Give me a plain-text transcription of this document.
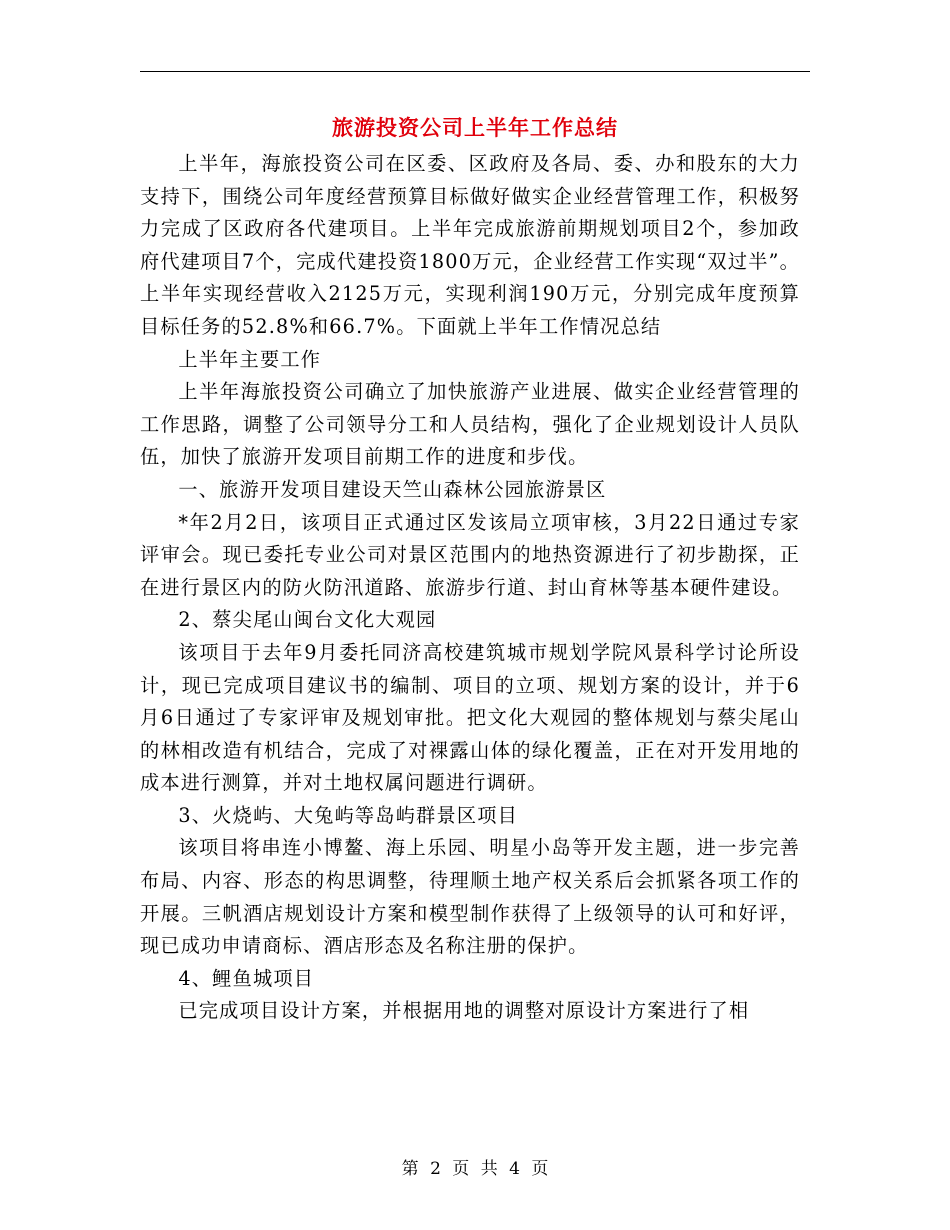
旅游投资公司上半年工作总结

上半年，海旅投资公司在区委、区政府及各局、委、办和股东的大力支持下，围绕公司年度经营预算目标做好做实企业经营管理工作，积极努力完成了区政府各代建项目。上半年完成旅游前期规划项目2个，参加政府代建项目7个，完成代建投资1800万元，企业经营工作实现“双过半”。上半年实现经营收入2125万元，实现利润190万元，分别完成年度预算目标任务的52.8%和66.7%。下面就上半年工作情况总结

上半年主要工作

上半年海旅投资公司确立了加快旅游产业进展、做实企业经营管理的工作思路，调整了公司领导分工和人员结构，强化了企业规划设计人员队伍，加快了旅游开发项目前期工作的进度和步伐。

一、旅游开发项目建设天竺山森林公园旅游景区

*年2月2日，该项目正式通过区发该局立项审核，3月22日通过专家评审会。现已委托专业公司对景区范围内的地热资源进行了初步勘探，正在进行景区内的防火防汛道路、旅游步行道、封山育林等基本硬件建设。

2、蔡尖尾山闽台文化大观园

该项目于去年9月委托同济高校建筑城市规划学院风景科学讨论所设计，现已完成项目建议书的编制、项目的立项、规划方案的设计，并于6月6日通过了专家评审及规划审批。把文化大观园的整体规划与蔡尖尾山的林相改造有机结合，完成了对裸露山体的绿化覆盖，正在对开发用地的成本进行测算，并对土地权属问题进行调研。

3、火烧屿、大兔屿等岛屿群景区项目

该项目将串连小博鳌、海上乐园、明星小岛等开发主题，进一步完善布局、内容、形态的构思调整，待理顺土地产权关系后会抓紧各项工作的开展。三帆酒店规划设计方案和模型制作获得了上级领导的认可和好评，现已成功申请商标、酒店形态及名称注册的保护。

4、鲤鱼城项目

已完成项目设计方案，并根据用地的调整对原设计方案进行了相

第 2 页 共 4 页
